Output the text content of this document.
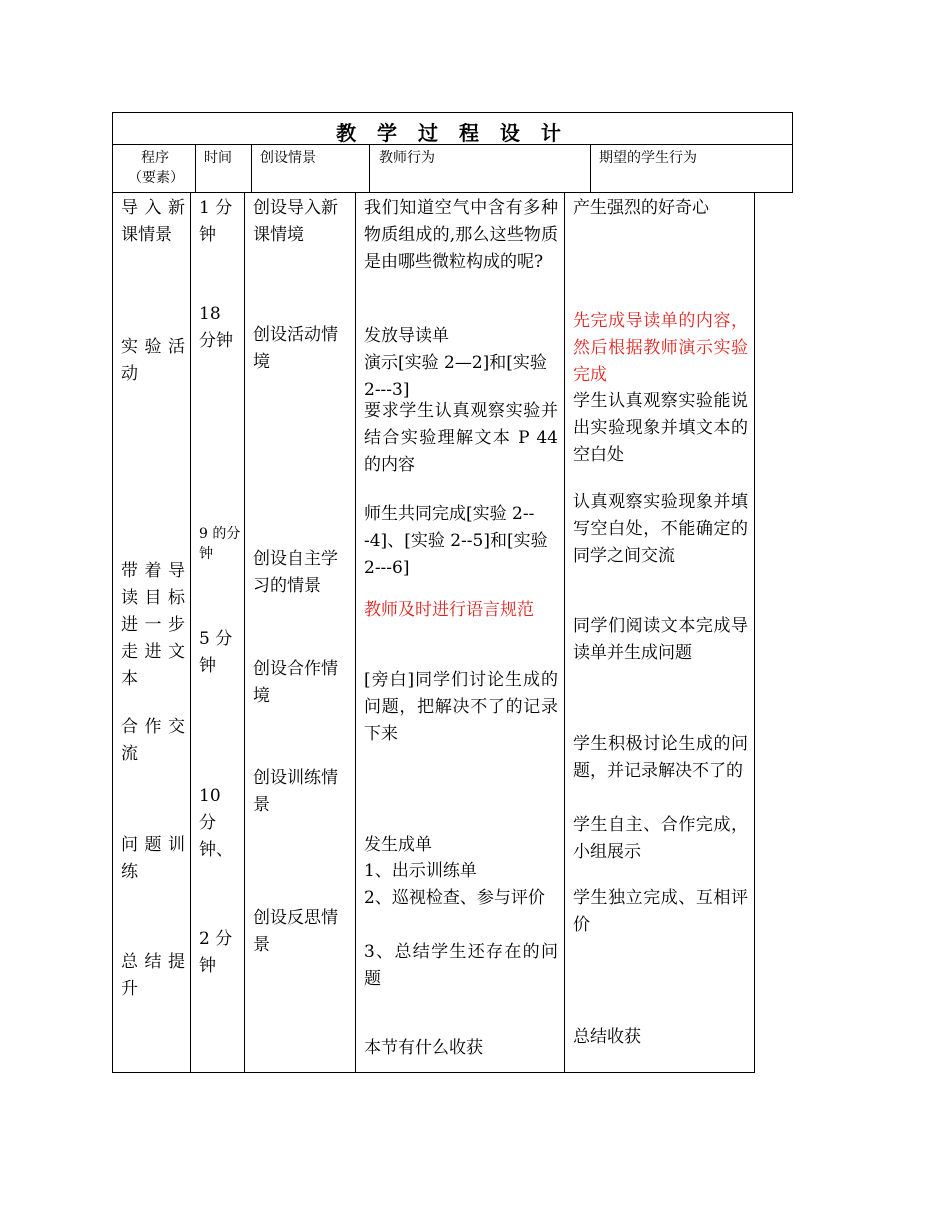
教 学 过 程 设 计
程序（要素）
时间 创设情景	教师行为	期望的学生行为
导入新课情景
实验活动
带着导读目标进一步走进文本
合作交流
问题训练
总结提升
1 分钟
18 分钟
9 的分钟
5 分钟
10 分钟、
2 分钟
创设导入新课情境
创设活动情境
创设自主学习的情景
创设合作情境
创设训练情景
创设反思情景
我们知道空气中含有多种物质组成的,那么这些物质是由哪些微粒构成的呢?
发放导读单
演示[实验 2—2]和[实验 2---3]
要求学生认真观察实验并结合实验理解文本 P 44 的内容
师生共同完成[实验 2---4]、[实验 2--5]和[实验 2---6]
教师及时进行语言规范
[旁白]同学们讨论生成的问题，把解决不了的记录下来
发生成单
1、出示训练单
2、巡视检查、参与评价
3、总结学生还存在的问题
本节有什么收获
产生强烈的好奇心
先完成导读单的内容，然后根据教师演示实验完成
学生认真观察实验能说出实验现象并填文本的空白处
认真观察实验现象并填写空白处，不能确定的同学之间交流
同学们阅读文本完成导读单并生成问题
学生积极讨论生成的问题，并记录解决不了的
学生自主、合作完成，小组展示
学生独立完成、互相评价
总结收获
